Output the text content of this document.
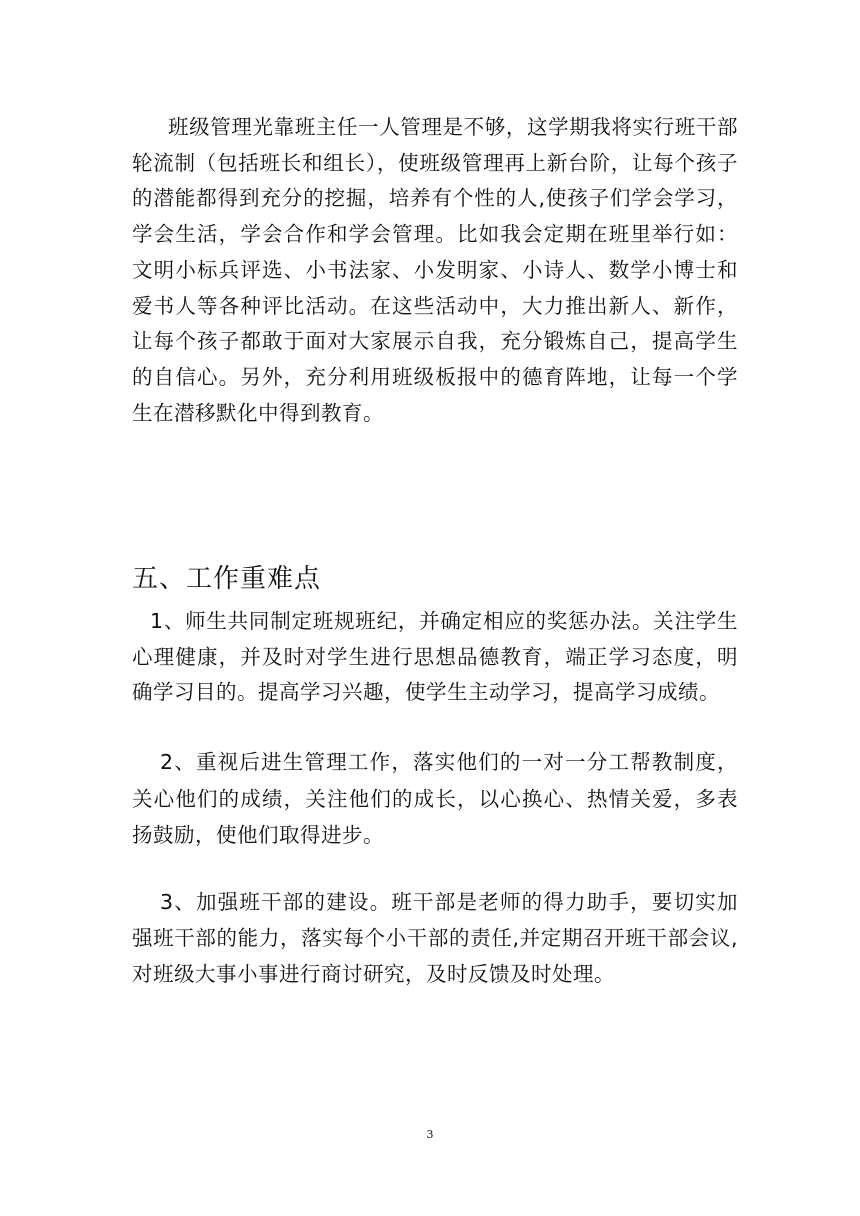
班级管理光靠班主任一人管理是不够，这学期我将实行班干部轮流制（包括班长和组长），使班级管理再上新台阶，让每个孩子的潜能都得到充分的挖掘，培养有个性的人,使孩子们学会学习，学会生活，学会合作和学会管理。比如我会定期在班里举行如：文明小标兵评选、小书法家、小发明家、小诗人、数学小博士和爱书人等各种评比活动。在这些活动中，大力推出新人、新作，让每个孩子都敢于面对大家展示自我，充分锻炼自己，提高学生的自信心。另外，充分利用班级板报中的德育阵地，让每一个学生在潜移默化中得到教育。

五、工作重难点

1、师生共同制定班规班纪，并确定相应的奖惩办法。关注学生心理健康，并及时对学生进行思想品德教育，端正学习态度，明确学习目的。提高学习兴趣，使学生主动学习，提高学习成绩。

2、重视后进生管理工作，落实他们的一对一分工帮教制度，关心他们的成绩，关注他们的成长，以心换心、热情关爱，多表扬鼓励，使他们取得进步。

3、加强班干部的建设。班干部是老师的得力助手，要切实加强班干部的能力，落实每个小干部的责任,并定期召开班干部会议,对班级大事小事进行商讨研究，及时反馈及时处理。

3
